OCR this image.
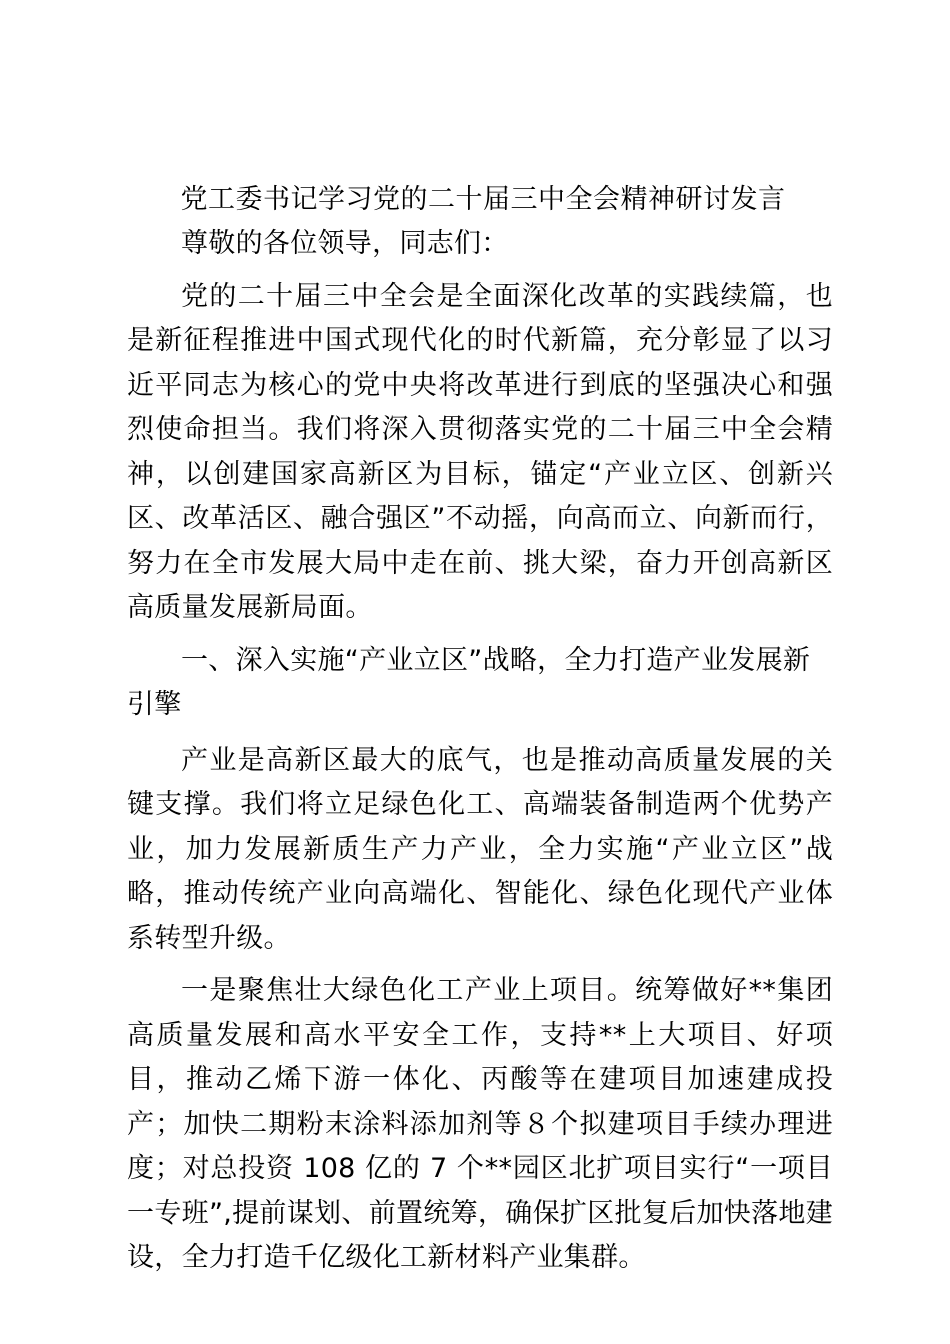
党工委书记学习党的二十届三中全会精神研讨发言

尊敬的各位领导，同志们：

党的二十届三中全会是全面深化改革的实践续篇，也是新征程推进中国式现代化的时代新篇，充分彰显了以习近平同志为核心的党中央将改革进行到底的坚强决心和强烈使命担当。我们将深入贯彻落实党的二十届三中全会精神，以创建国家高新区为目标，锚定“产业立区、创新兴区、改革活区、融合强区”不动摇，向高而立、向新而行，努力在全市发展大局中走在前、挑大梁，奋力开创高新区高质量发展新局面。

一、深入实施“产业立区”战略，全力打造产业发展新引擎

产业是高新区最大的底气，也是推动高质量发展的关键支撑。我们将立足绿色化工、高端装备制造两个优势产业，加力发展新质生产力产业，全力实施“产业立区”战略，推动传统产业向高端化、智能化、绿色化现代产业体系转型升级。

一是聚焦壮大绿色化工产业上项目。统筹做好**集团高质量发展和高水平安全工作，支持**上大项目、好项目，推动乙烯下游一体化、丙酸等在建项目加速建成投产；加快二期粉末涂料添加剂等８个拟建项目手续办理进度；对总投资 108 亿的 7 个**园区北扩项目实行“一项目一专班”,提前谋划、前置统筹，确保扩区批复后加快落地建设，全力打造千亿级化工新材料产业集群。
